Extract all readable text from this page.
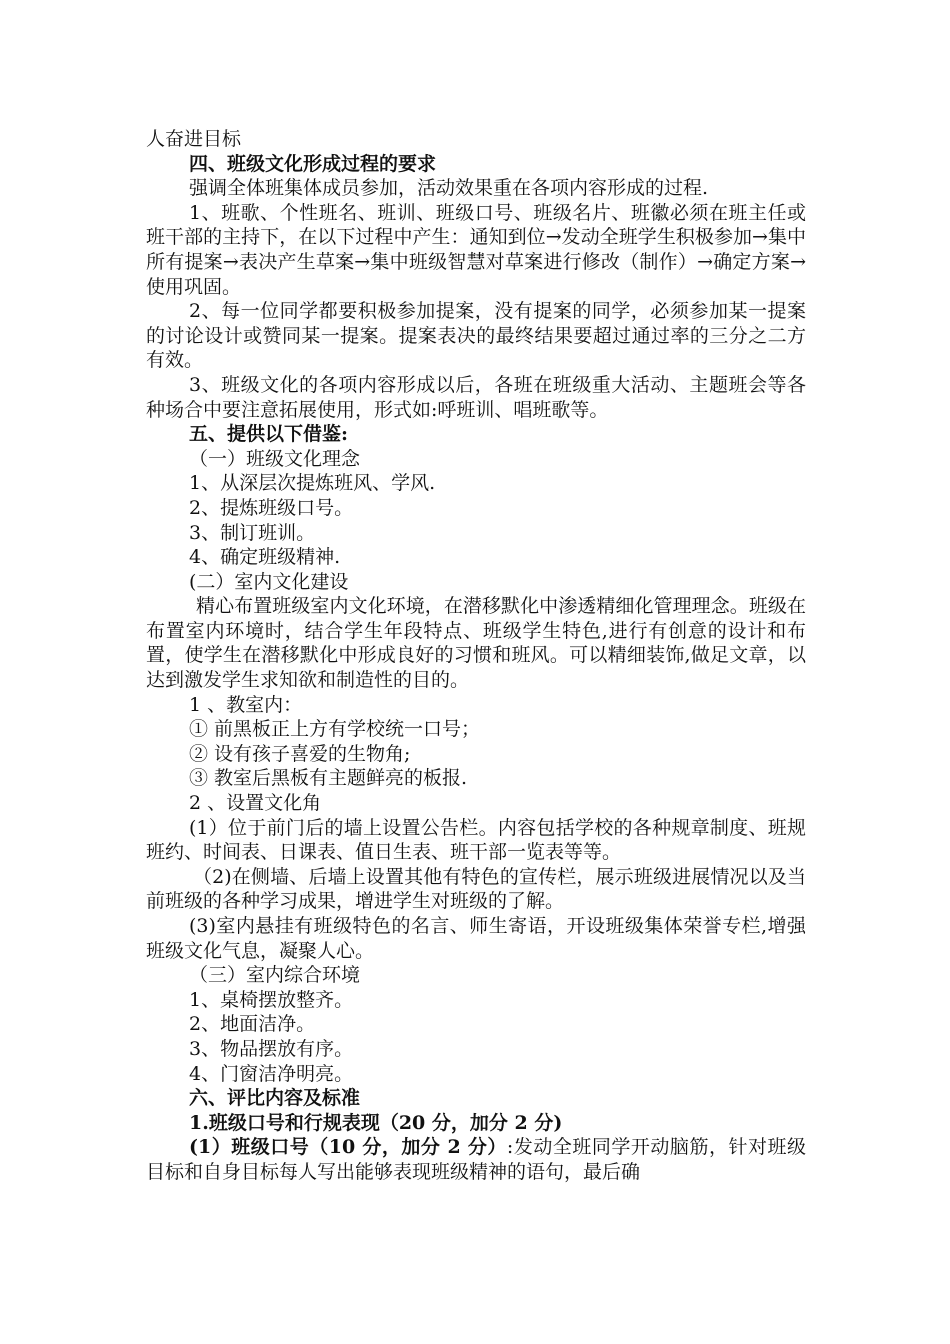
人奋进目标

四、班级文化形成过程的要求

强调全体班集体成员参加，活动效果重在各项内容形成的过程.

1、班歌、个性班名、班训、班级口号、班级名片、班徽必须在班主任或班干部的主持下，在以下过程中产生：通知到位→发动全班学生积极参加→集中所有提案→表决产生草案→集中班级智慧对草案进行修改（制作）→确定方案→使用巩固。

2、每一位同学都要积极参加提案，没有提案的同学，必须参加某一提案的讨论设计或赞同某一提案。提案表决的最终结果要超过通过率的三分之二方有效。

3、班级文化的各项内容形成以后，各班在班级重大活动、主题班会等各种场合中要注意拓展使用，形式如:呼班训、唱班歌等。

五、提供以下借鉴:

（一）班级文化理念

1、从深层次提炼班风、学风.

2、提炼班级口号。

3、制订班训。

4、确定班级精神.

(二）室内文化建设

精心布置班级室内文化环境，在潜移默化中渗透精细化管理理念。班级在布置室内环境时，结合学生年段特点、班级学生特色,进行有创意的设计和布置，使学生在潜移默化中形成良好的习惯和班风。可以精细装饰,做足文章，以达到激发学生求知欲和制造性的目的。

1 、教室内：

① 前黑板正上方有学校统一口号；

② 设有孩子喜爱的生物角;

③ 教室后黑板有主题鲜亮的板报.

2 、设置文化角

(1）位于前门后的墙上设置公告栏。内容包括学校的各种规章制度、班规班约、时间表、日课表、值日生表、班干部一览表等等。

（2)在侧墙、后墙上设置其他有特色的宣传栏，展示班级进展情况以及当前班级的各种学习成果，增进学生对班级的了解。

(3)室内悬挂有班级特色的名言、师生寄语，开设班级集体荣誉专栏,增强班级文化气息，凝聚人心。

（三）室内综合环境

1、桌椅摆放整齐。

2、地面洁净。

3、物品摆放有序。

4、门窗洁净明亮。

六、评比内容及标准

1.班级口号和行规表现（20 分，加分 2 分)

(1）班级口号（10 分，加分 2 分）:发动全班同学开动脑筋，针对班级目标和自身目标每人写出能够表现班级精神的语句，最后确
